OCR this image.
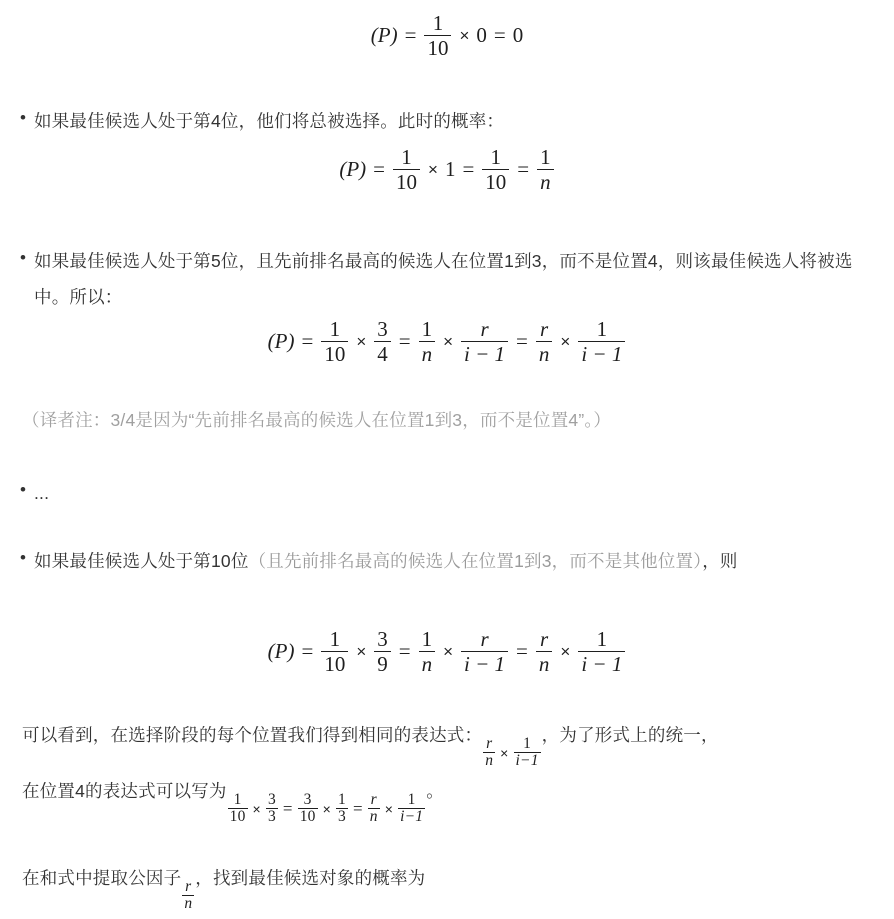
$(P) = \frac{1}{10} \times 0 = 0$
• 如果最佳候选人处于第4位，他们将总被选择。此时的概率：
$(P) = \frac{1}{10} \times 1 = \frac{1}{10} = \frac{1}{n}$
• 如果最佳候选人处于第5位，且先前排名最高的候选人在位置1到3，而不是位置4，则该最佳候选人将被选中。所以：
$(P) = \frac{1}{10} \times \frac{3}{4} = \frac{1}{n} \times \frac{r}{i - 1} = \frac{r}{n} \times \frac{1}{i - 1}$
（译者注：3/4是因为“先前排名最高的候选人在位置1到3，而不是位置4”。）
• ...
• 如果最佳候选人处于第10位（且先前排名最高的候选人在位置1到3，而不是其他位置），则
$(P) = \frac{1}{10} \times \frac{3}{9} = \frac{1}{n} \times \frac{r}{i - 1} = \frac{r}{n} \times \frac{1}{i - 1}$
可以看到，在选择阶段的每个位置我们得到相同的表达式：
$\frac{r}{n} \times \frac{1}{i-1}$
，为了形式上的统一，
在位置4的表达式可以写为
$\frac{1}{10} \times \frac{3}{3} = \frac{3}{10} \times \frac{1}{3} = \frac{r}{n} \times \frac{1}{i-1}$
。
在和式中提取公因子
$\frac{r}{n}$
，找到最佳候选对象的概率为
